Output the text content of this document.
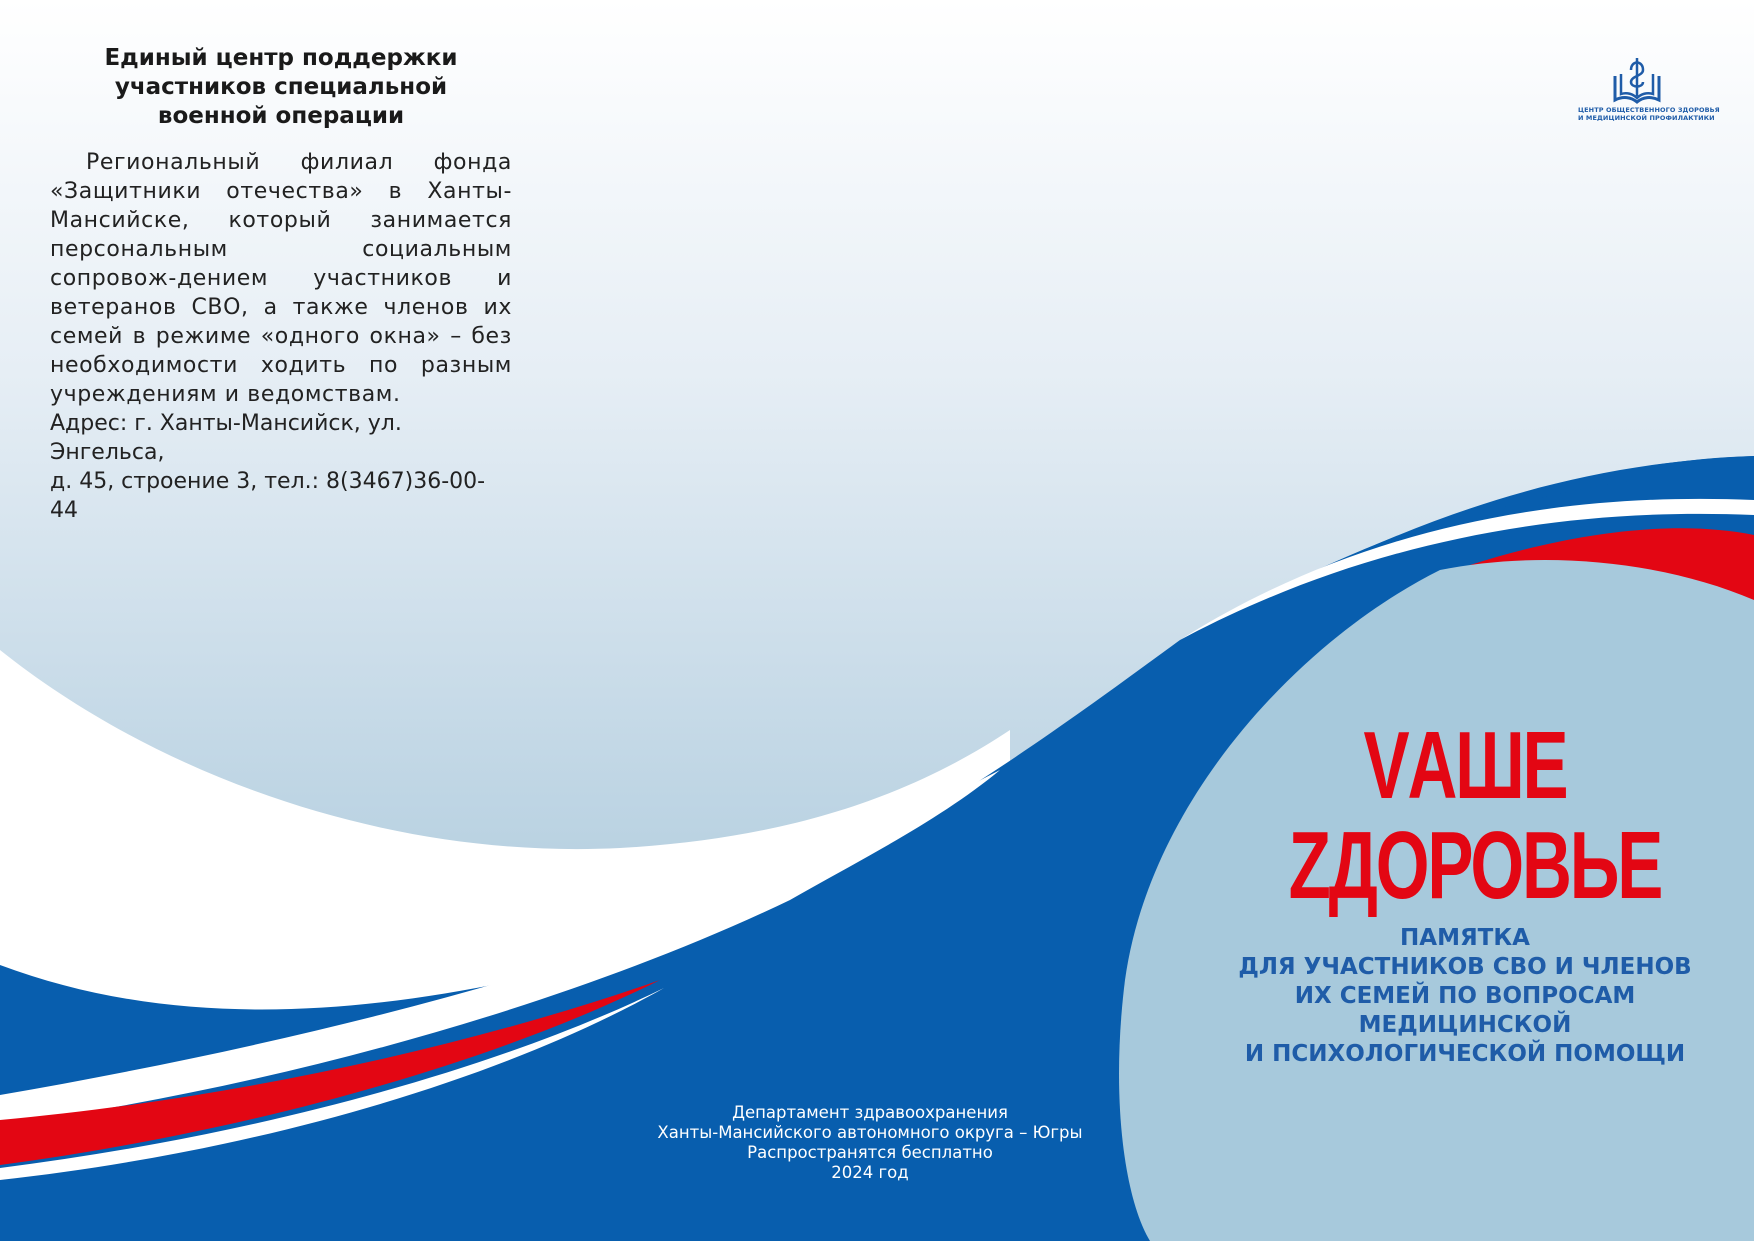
Единый центр поддержки
участников специальной
военной операции

Региональный филиал фонда «Защитники отечества» в Ханты-Мансийске, который занимается персональным социальным сопровож-дением участников и ветеранов СВО, а также членов их семей в режиме «одного окна» – без необходимости ходить по разным учреждениям и ведомствам.

Адрес: г. Ханты-Мансийск, ул. Энгельса,

д. 45, строение 3, тел.: 8(3467)36-00-44

ЦЕНТР ОБЩЕСТВЕННОГО ЗДОРОВЬЯ
И МЕДИЦИНСКОЙ ПРОФИЛАКТИКИ
VАШЕ
ZДОРОВЬЕ
ПАМЯТКА
ДЛЯ УЧАСТНИКОВ СВО И ЧЛЕНОВ
ИХ СЕМЕЙ ПО ВОПРОСАМ
МЕДИЦИНСКОЙ
И ПСИХОЛОГИЧЕСКОЙ ПОМОЩИ
Департамент здравоохранения
Ханты-Мансийского автономного округа – Югры
Распространятся бесплатно
2024 год
